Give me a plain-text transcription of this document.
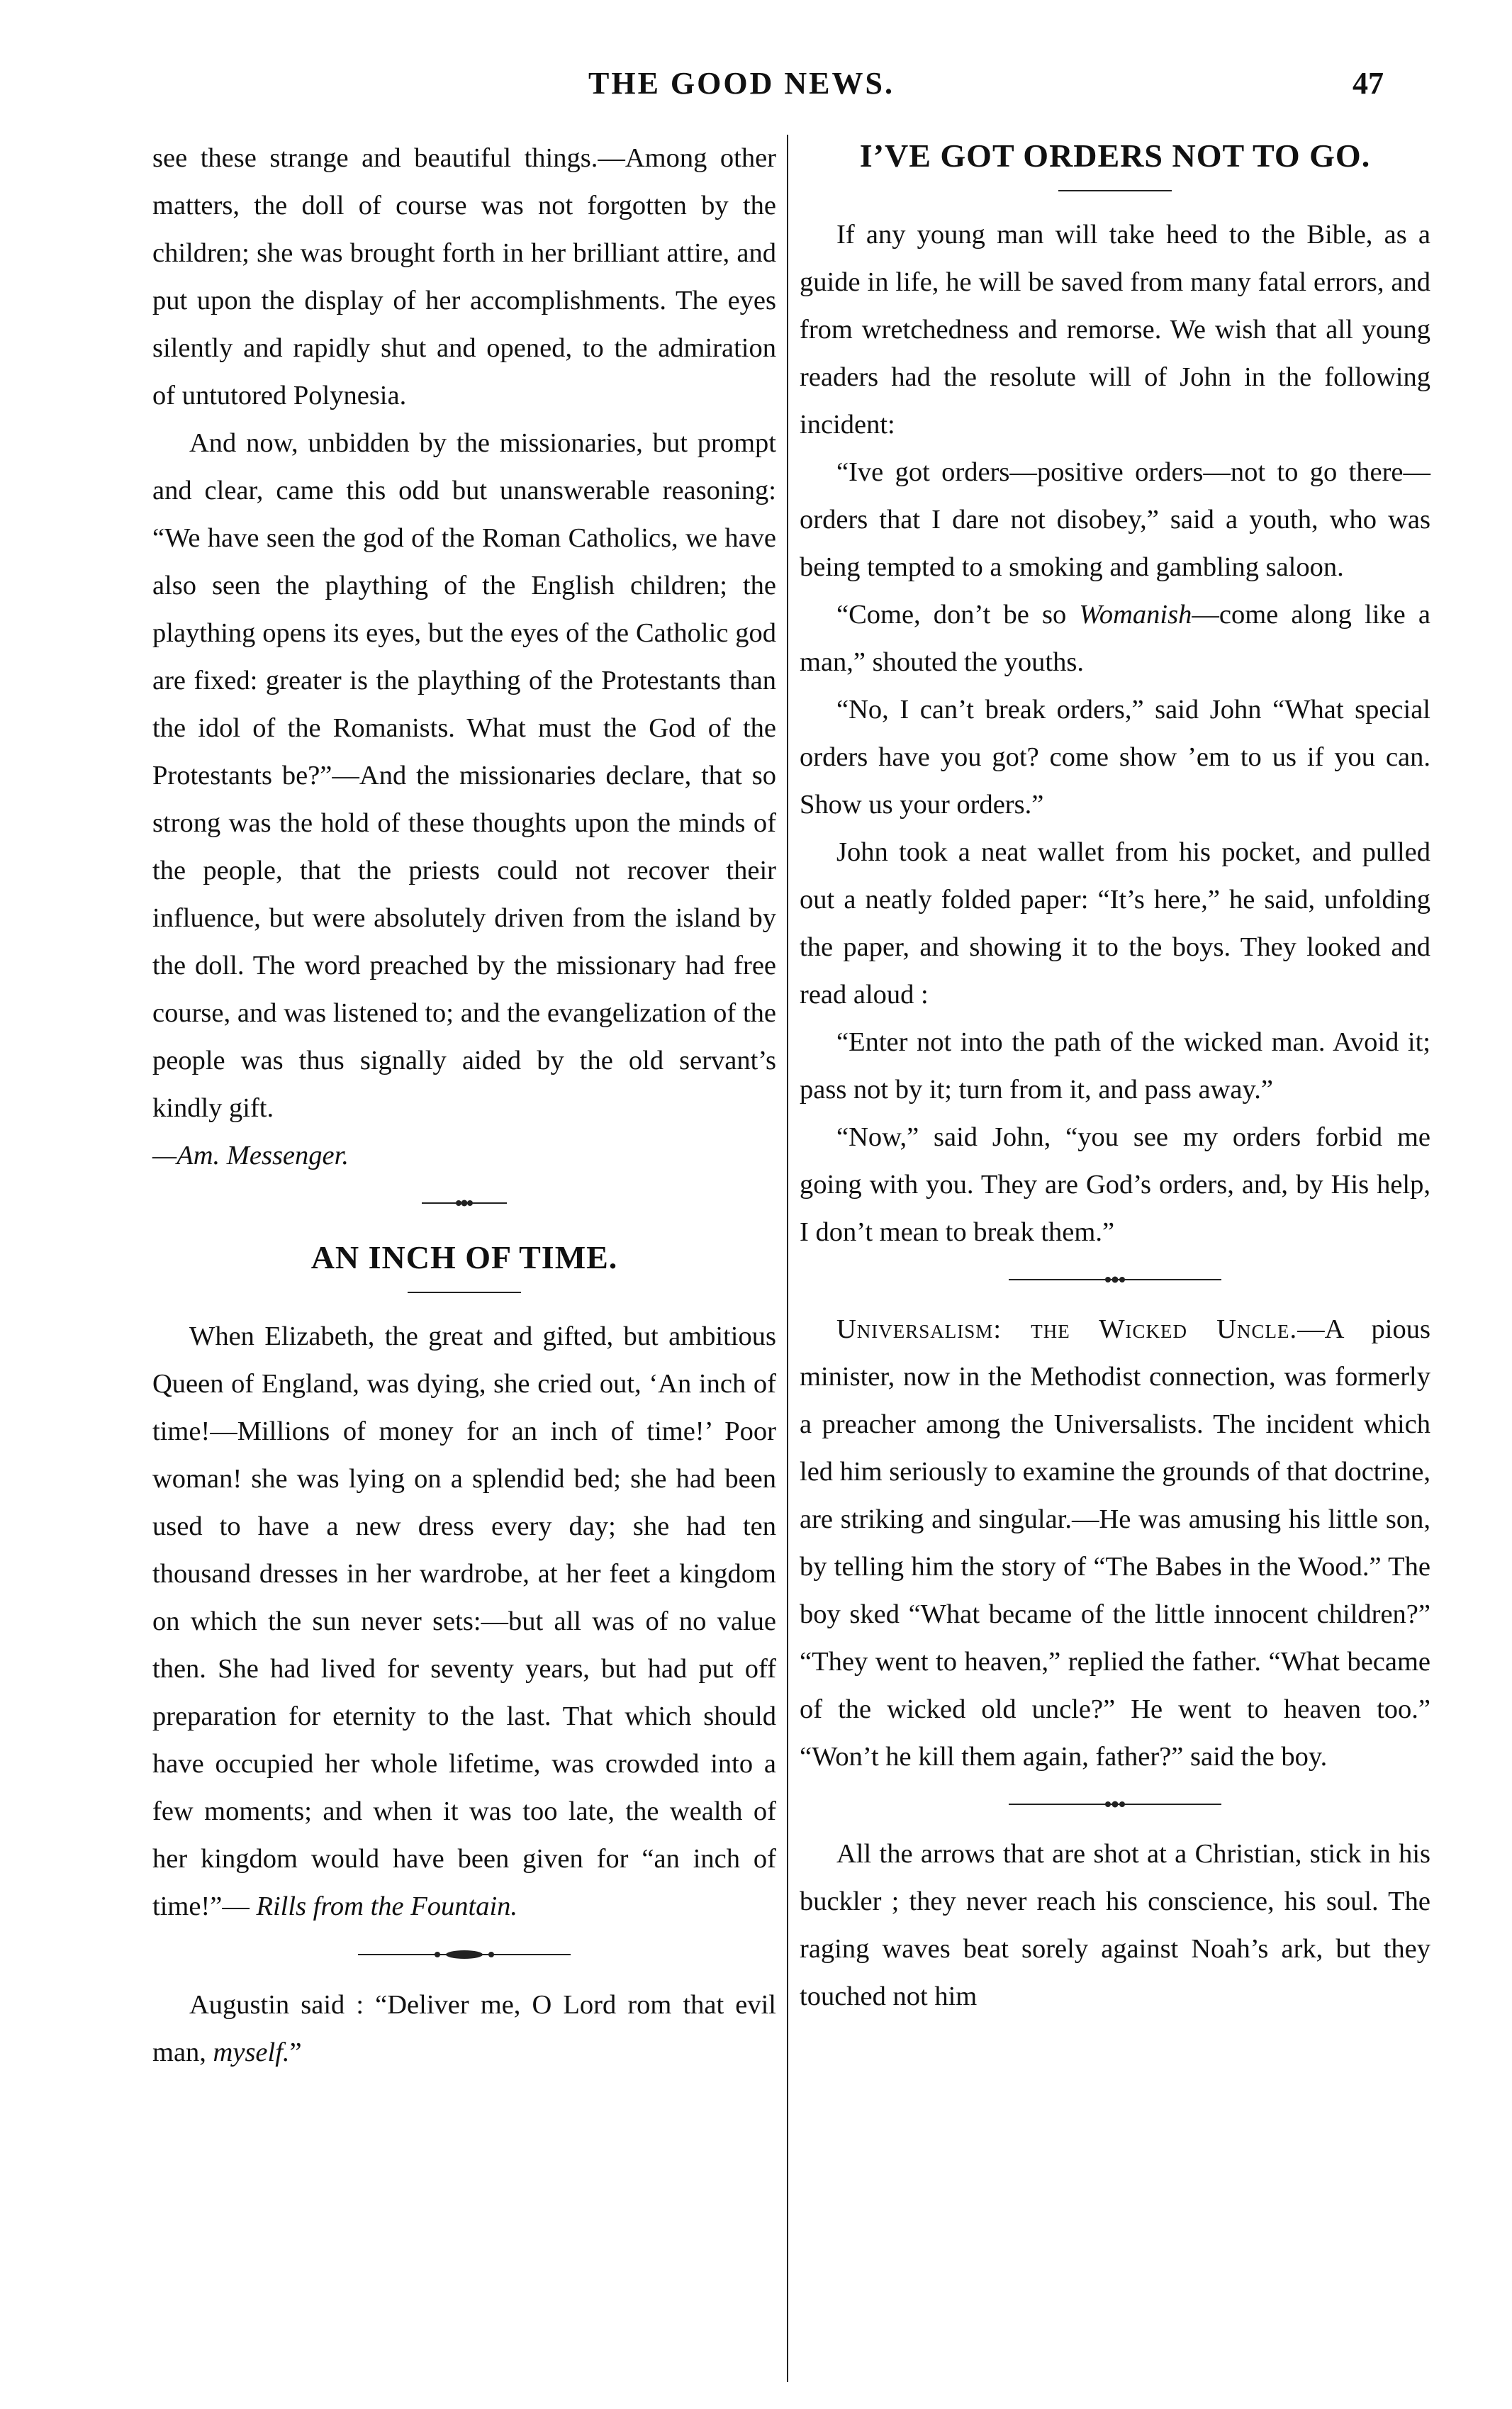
THE GOOD NEWS.	47

see these strange and beautiful things.—Among other matters, the doll of course was not forgotten by the children; she was brought forth in her brilliant attire, and put upon the display of her accomplishments. The eyes silently and rapidly shut and opened, to the admiration of untutored Polynesia.

And now, unbidden by the missionaries, but prompt and clear, came this odd but unanswerable reasoning: “We have seen the god of the Roman Catholics, we have also seen the plaything of the English children; the plaything opens its eyes, but the eyes of the Catholic god are fixed: greater is the plaything of the Protestants than the idol of the Romanists. What must the God of the Protestants be?”—And the missionaries declare, that so strong was the hold of these thoughts upon the minds of the people, that the priests could not recover their influence, but were absolutely driven from the island by the doll. The word preached by the missionary had free course, and was listened to; and the evangelization of the people was thus signally aided by the old servant’s kindly gift.

—Am. Messenger.

AN INCH OF TIME.

When Elizabeth, the great and gifted, but ambitious Queen of England, was dying, she cried out, ‘An inch of time!—Millions of money for an inch of time!’ Poor woman! she was lying on a splendid bed; she had been used to have a new dress every day; she had ten thousand dresses in her wardrobe, at her feet a kingdom on which the sun never sets:—but all was of no value then. She had lived for seventy years, but had put off preparation for eternity to the last. That which should have occupied her whole lifetime, was crowded into a few moments; and when it was too late, the wealth of her kingdom would have been given for “an inch of time!”— Rills from the Fountain.

Augustin said : “Deliver me, O Lord rom that evil man, myself.”

I’VE GOT ORDERS NOT TO GO.

If any young man will take heed to the Bible, as a guide in life, he will be saved from many fatal errors, and from wretchedness and remorse. We wish that all young readers had the resolute will of John in the following incident:

“Ive got orders—positive orders—not to go there—orders that I dare not disobey,” said a youth, who was being tempted to a smoking and gambling saloon.

“Come, don’t be so Womanish—come along like a man,” shouted the youths.

“No, I can’t break orders,” said John “What special orders have you got? come show ’em to us if you can. Show us your orders.”

John took a neat wallet from his pocket, and pulled out a neatly folded paper: “It’s here,” he said, unfolding the paper, and showing it to the boys. They looked and read aloud :

“Enter not into the path of the wicked man. Avoid it; pass not by it; turn from it, and pass away.”

“Now,” said John, “you see my orders forbid me going with you. They are God’s orders, and, by His help, I don’t mean to break them.”

Universalism: the Wicked Uncle.—A pious minister, now in the Methodist connection, was formerly a preacher among the Universalists. The incident which led him seriously to examine the grounds of that doctrine, are striking and singular.—He was amusing his little son, by telling him the story of “The Babes in the Wood.” The boy sked “What became of the little innocent children?” “They went to heaven,” replied the father. “What became of the wicked old uncle?” He went to heaven too.” “Won’t he kill them again, father?” said the boy.

All the arrows that are shot at a Christian, stick in his buckler ; they never reach his conscience, his soul. The raging waves beat sorely against Noah’s ark, but they touched not him
